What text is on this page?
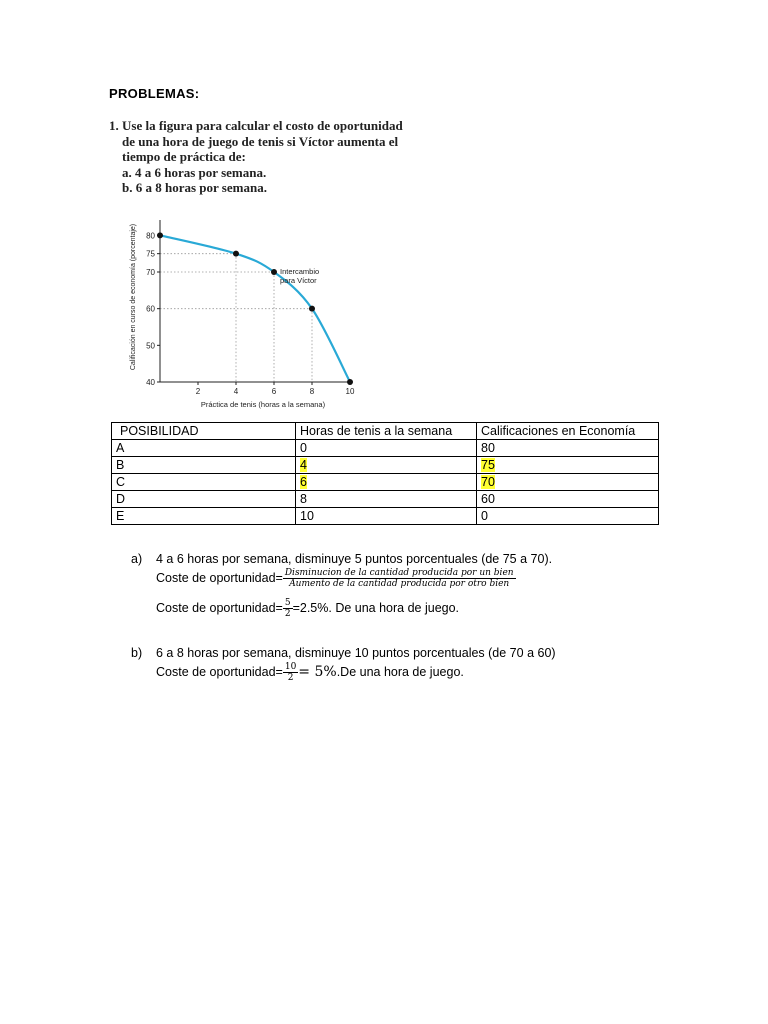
PROBLEMAS:
1. Use la figura para calcular el costo de oportunidad
de una hora de juego de tenis si Víctor aumenta el
tiempo de práctica de:
a. 4 a 6 horas por semana.
b. 6 a 8 horas por semana.
40
50
60
70
75
80
2	4	6	8	10
Intercambio para Víctor
Práctica de tenis (horas a la semana)
Calificación en curso de economía (porcentaje)
POSIBILIDAD	Horas de tenis a la semana	Calificaciones en Economía
A	0	80
B	4	75
C	6	70
D	8	60
E	10	0
a) 4 a 6 horas por semana, disminuye 5 puntos porcentuales (de 75 a 70).
Coste de oportunidad= $\frac{\text{Disminucion de la cantidad producida por un bien}}{\text{Aumento de la cantidad producida por otro bien}}$
Coste de oportunidad= $\frac{5}{2} =2.5\%$. De una hora de juego.
b) 6 a 8 horas por semana, disminuye 10 puntos porcentuales (de 70 a 60)
Coste de oportunidad= $\frac{10}{2} = 5\%.De$ una hora de juego.
